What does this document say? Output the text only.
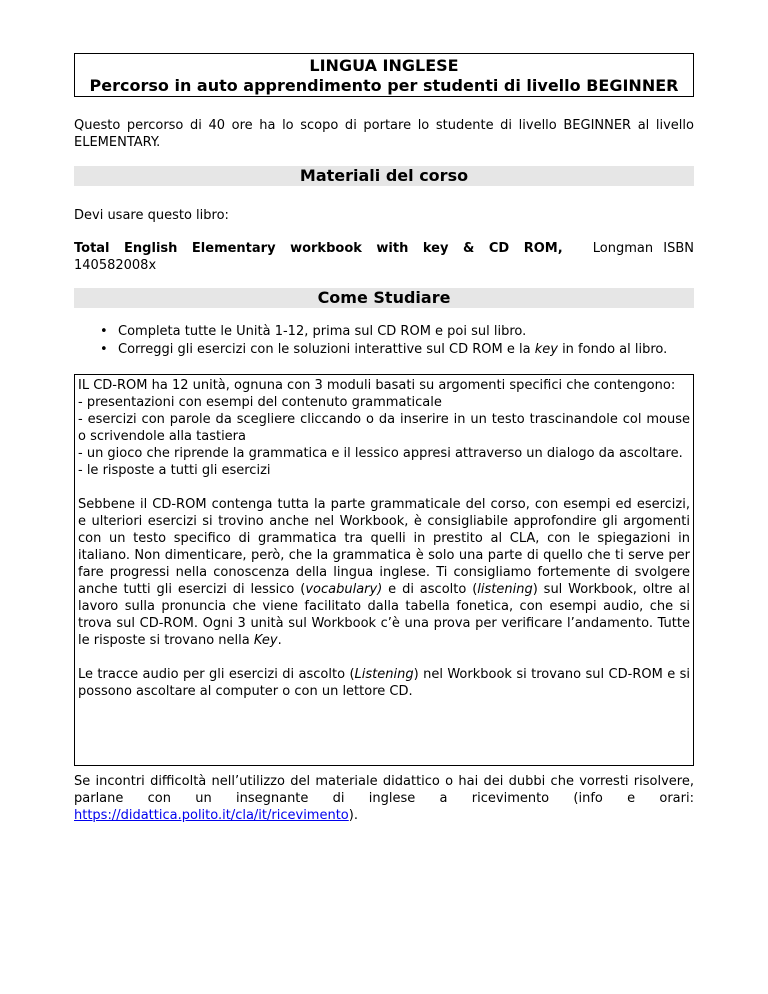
LINGUA INGLESE
Percorso in auto apprendimento per studenti di livello BEGINNER

Questo percorso di 40 ore ha lo scopo di portare lo studente di livello BEGINNER al livello ELEMENTARY.

Materiali del corso

Devi usare questo libro:

Total English Elementary workbook with key & CD ROM, Longman ISBN
140582008x
Come Studiare
• Completa tutte le Unità 1-12, prima sul CD ROM e poi sul libro.
• Correggi gli esercizi con le soluzioni interattive sul CD ROM e la key in fondo al libro.

IL CD-ROM ha 12 unità, ognuna con 3 moduli basati su argomenti specifici che contengono:

- presentazioni con esempi del contenuto grammaticale

- esercizi con parole da scegliere cliccando o da inserire in un testo trascinandole col mouse o scrivendole alla tastiera

- un gioco che riprende la grammatica e il lessico appresi attraverso un dialogo da ascoltare.

- le risposte a tutti gli esercizi

Sebbene il CD-ROM contenga tutta la parte grammaticale del corso, con esempi ed esercizi, e ulteriori esercizi si trovino anche nel Workbook, è consigliabile approfondire gli argomenti con un testo specifico di grammatica tra quelli in prestito al CLA, con le spiegazioni in italiano. Non dimenticare, però, che la grammatica è solo una parte di quello che ti serve per fare progressi nella conoscenza della lingua inglese. Ti consigliamo fortemente di svolgere anche tutti gli esercizi di lessico (vocabulary) e di ascolto (listening) sul Workbook, oltre al lavoro sulla pronuncia che viene facilitato dalla tabella fonetica, con esempi audio, che si trova sul CD-ROM. Ogni 3 unità sul Workbook c’è una prova per verificare l’andamento. Tutte le risposte si trovano nella Key.

Le tracce audio per gli esercizi di ascolto (Listening) nel Workbook si trovano sul CD-ROM e si possono ascoltare al computer o con un lettore CD.

Se incontri difficoltà nell’utilizzo del materiale didattico o hai dei dubbi che vorresti risolvere, parlane con un insegnante di inglese a ricevimento (info e orari: https://didattica.polito.it/cla/it/ricevimento).
